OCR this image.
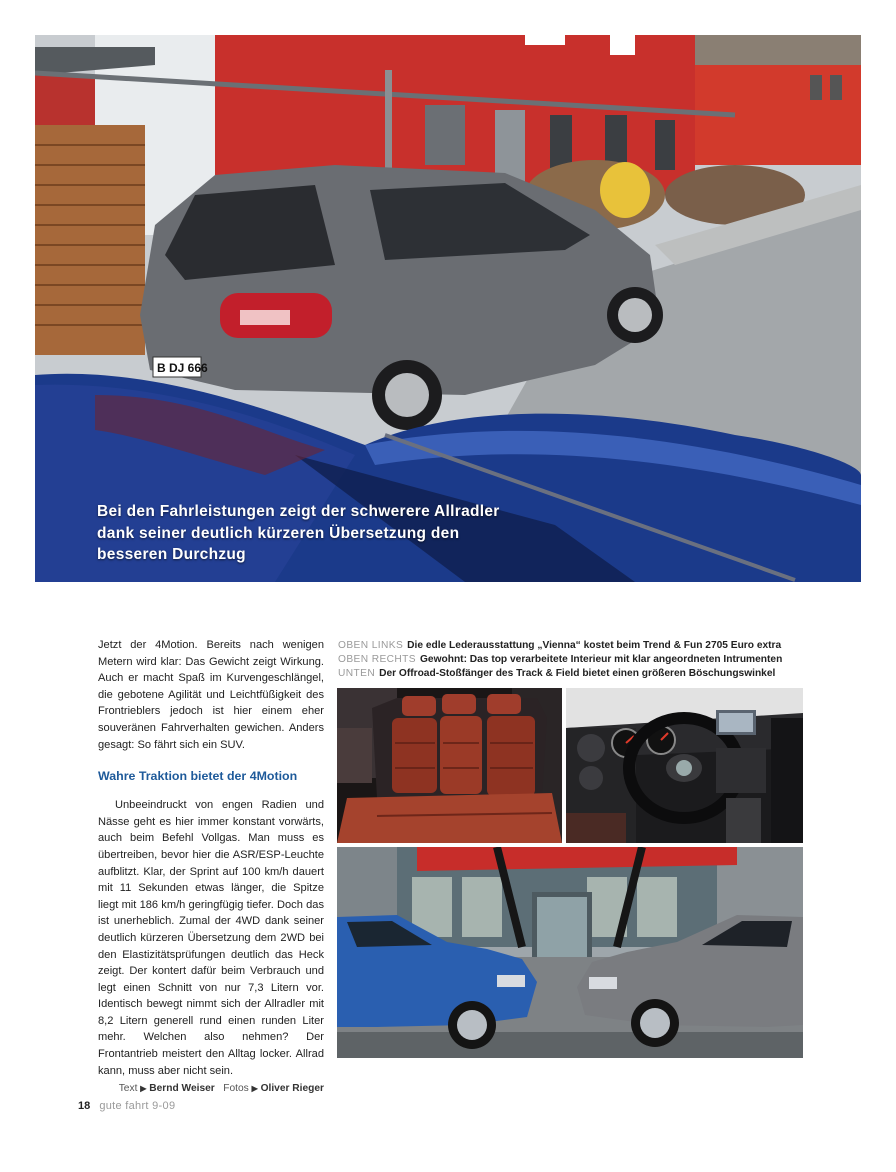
B DJ 666
Bei den Fahrleistungen zeigt der schwerere Allradler dank seiner deutlich kürzeren Übersetzung den besseren Durchzug

Jetzt der 4Motion. Bereits nach wenigen Metern wird klar: Das Gewicht zeigt Wirkung. Auch er macht Spaß im Kurvengeschlängel, die gebotene Agilität und Leichtfüßigkeit des Frontrieblers jedoch ist hier einem eher souveränen Fahrverhalten gewichen. Anders gesagt: So fährt sich ein SUV.

Wahre Traktion bietet der 4Motion

Unbeeindruckt von engen Radien und Nässe geht es hier immer konstant vorwärts, auch beim Befehl Vollgas. Man muss es übertreiben, bevor hier die ASR/ESP-Leuchte aufblitzt. Klar, der Sprint auf 100 km/h dauert mit 11 Sekunden etwas länger, die Spitze liegt mit 186 km/h geringfügig tiefer. Doch das ist unerheblich. Zumal der 4WD dank seiner deutlich kürzeren Übersetzung dem 2WD bei den Elastizitätsprüfungen deutlich das Heck zeigt. Der kontert dafür beim Verbrauch und legt einen Schnitt von nur 7,3 Litern vor. Identisch bewegt nimmt sich der Allradler mit 8,2 Litern generell rund einen runden Liter mehr. Welchen also nehmen? Der Frontantrieb meistert den Alltag locker. Allrad kann, muss aber nicht sein.

Text ▶ Bernd Weiser Fotos ▶ Oliver Rieger
OBEN LINKS Die edle Lederausstattung „Vienna“ kostet beim Trend & Fun 2705 Euro extra
OBEN RECHTS Gewohnt: Das top verarbeitete Interieur mit klar angeordneten Intrumenten
UNTEN Der Offroad-Stoßfänger des Track & Field bietet einen größeren Böschungswinkel
18 gute fahrt 9-09
